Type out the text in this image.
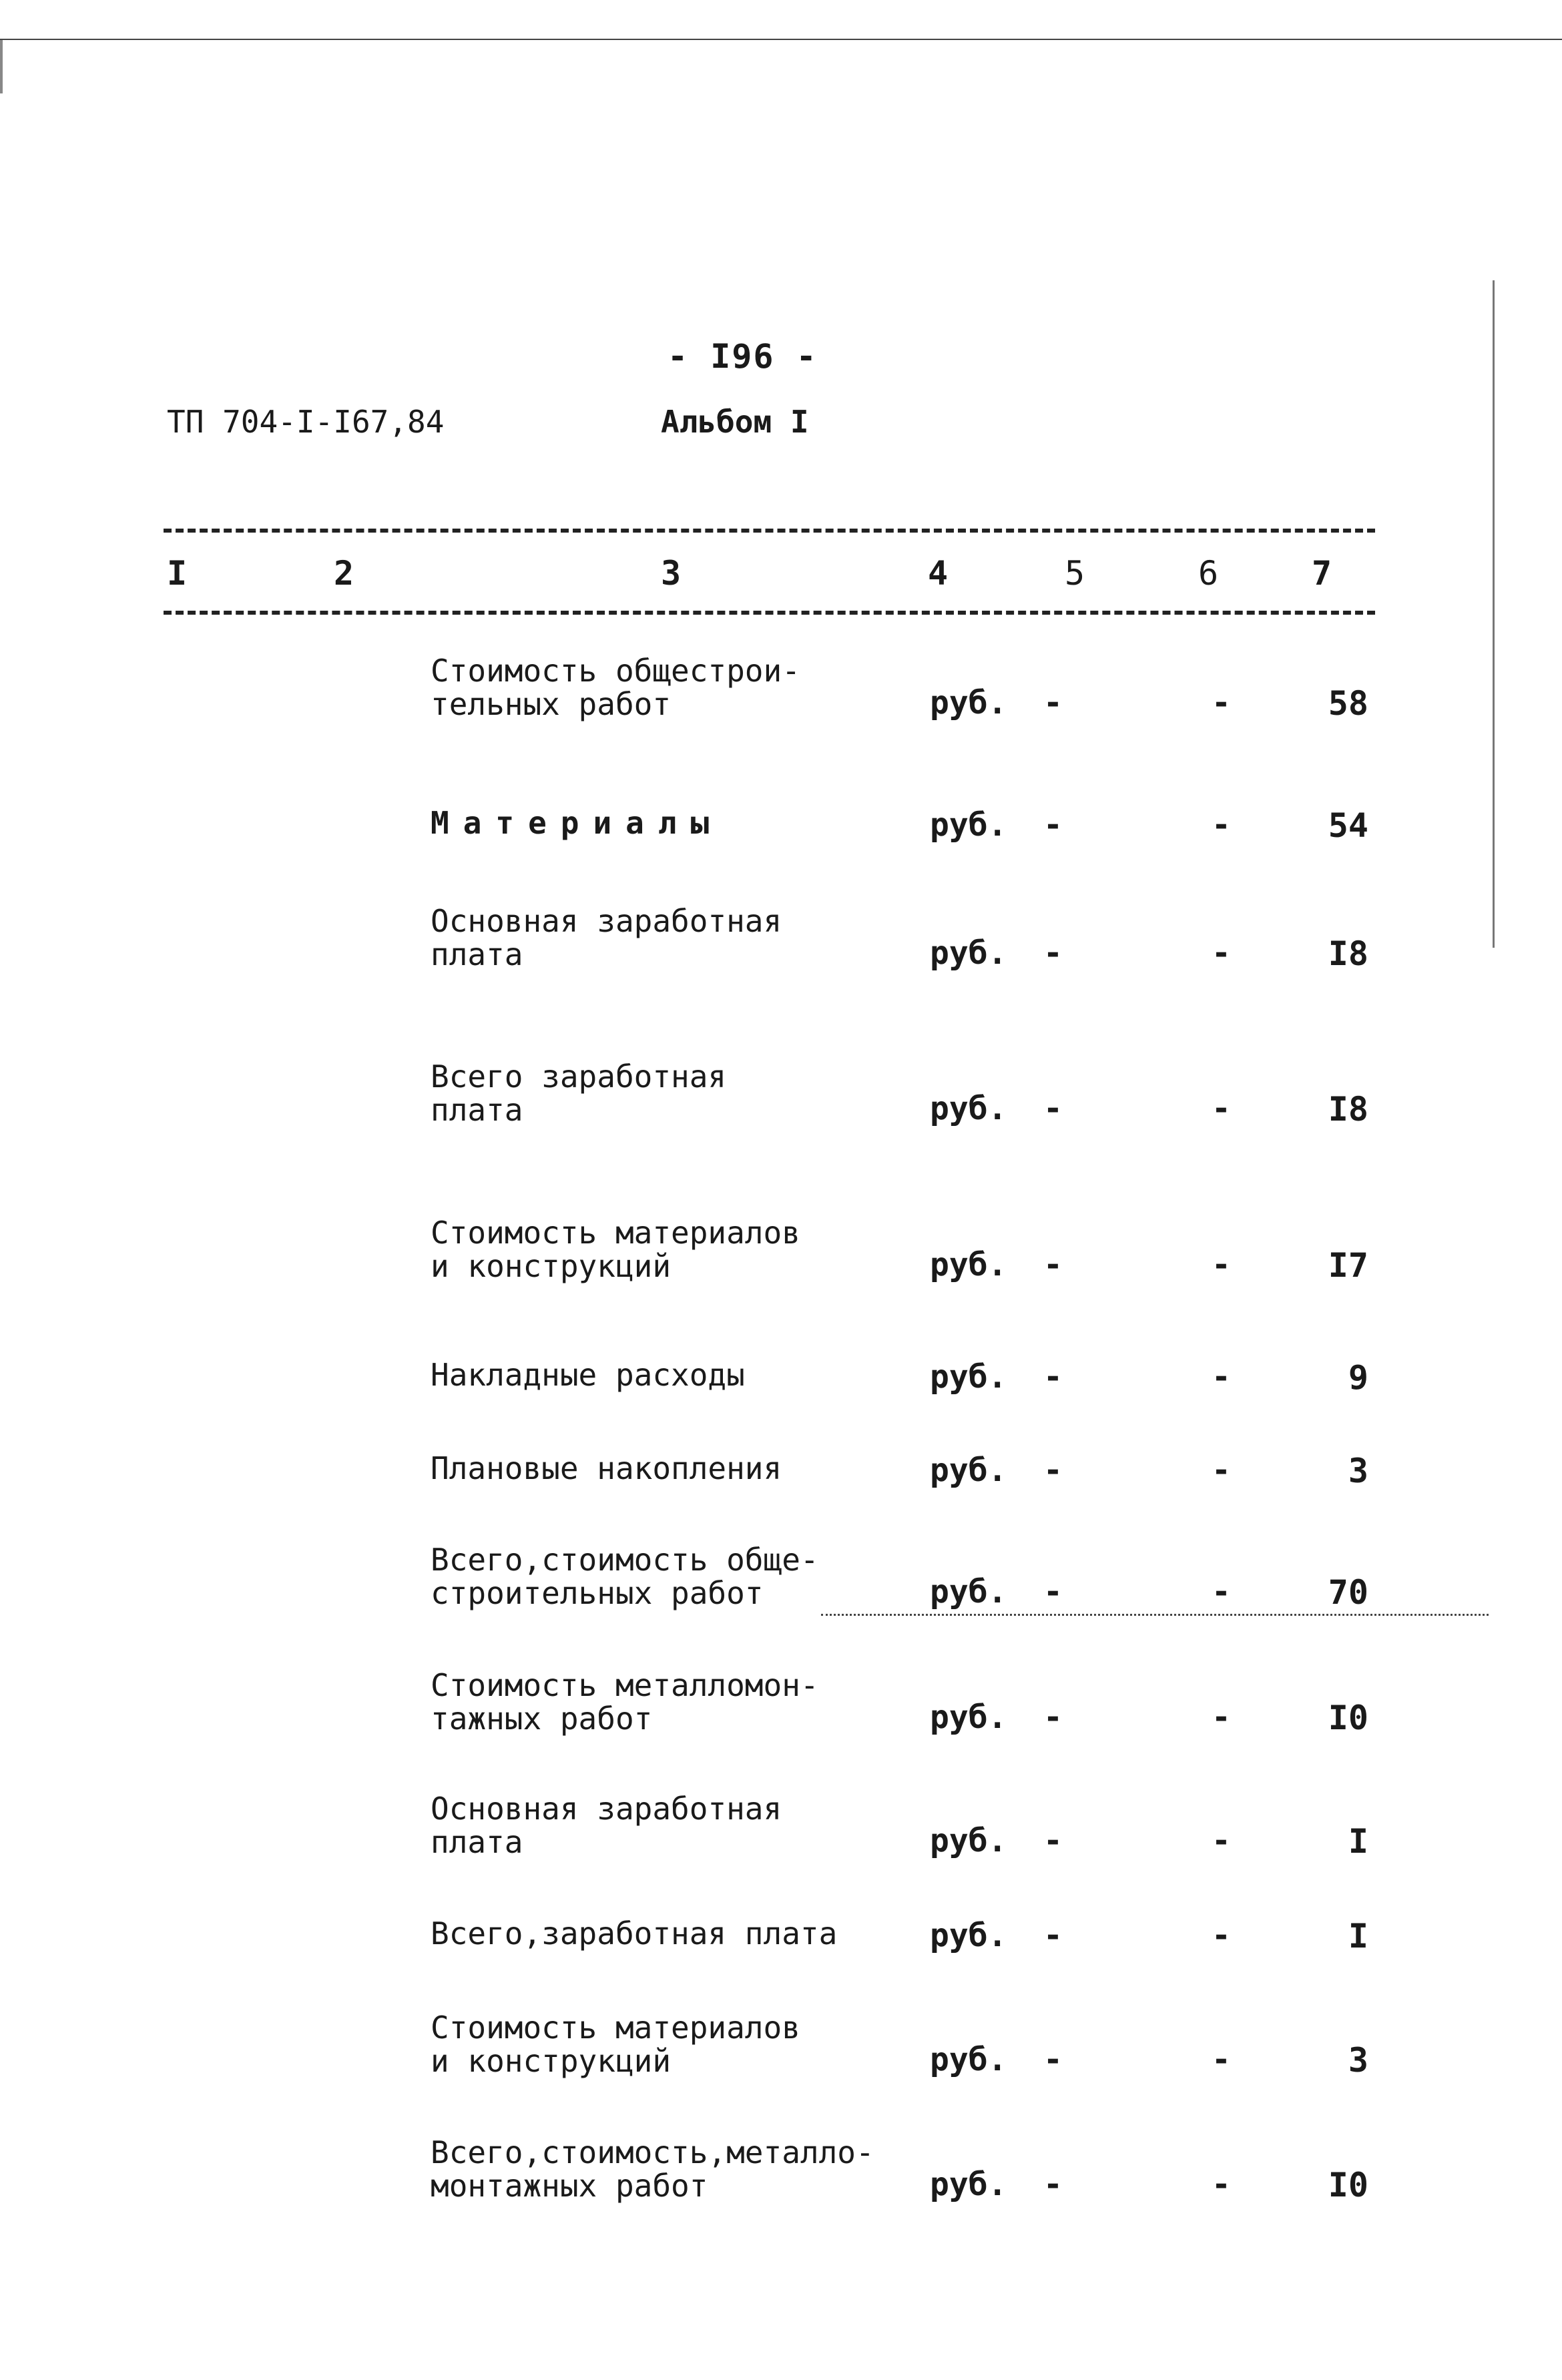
- I96 -
ТП 704-I-I67,84	Альбом I
I	2	3	4	5	6	7
Стоимость общестрои-
тельных работ	руб. -	-	58
Материалы	руб. -	-	54
Основная заработная
плата	руб. -	-	I8
Всего заработная
плата	руб. -	-	I8
Стоимость материалов
и конструкций	руб. -	-	I7
Накладные расходы	руб. -	-	9
Плановые накопления	руб. -	-	3
Всего,стоимость обще-
строительных работ	руб. -	-	70
Стоимость металломон-
тажных работ	руб. -	-	I0
Основная заработная
плата	руб. -	-	I
Всего,заработная плата	руб. -	-	I
Стоимость материалов
и конструкций	руб. -	-	3
Всего,стоимость,металло-
монтажных работ	руб. -	-	I0
